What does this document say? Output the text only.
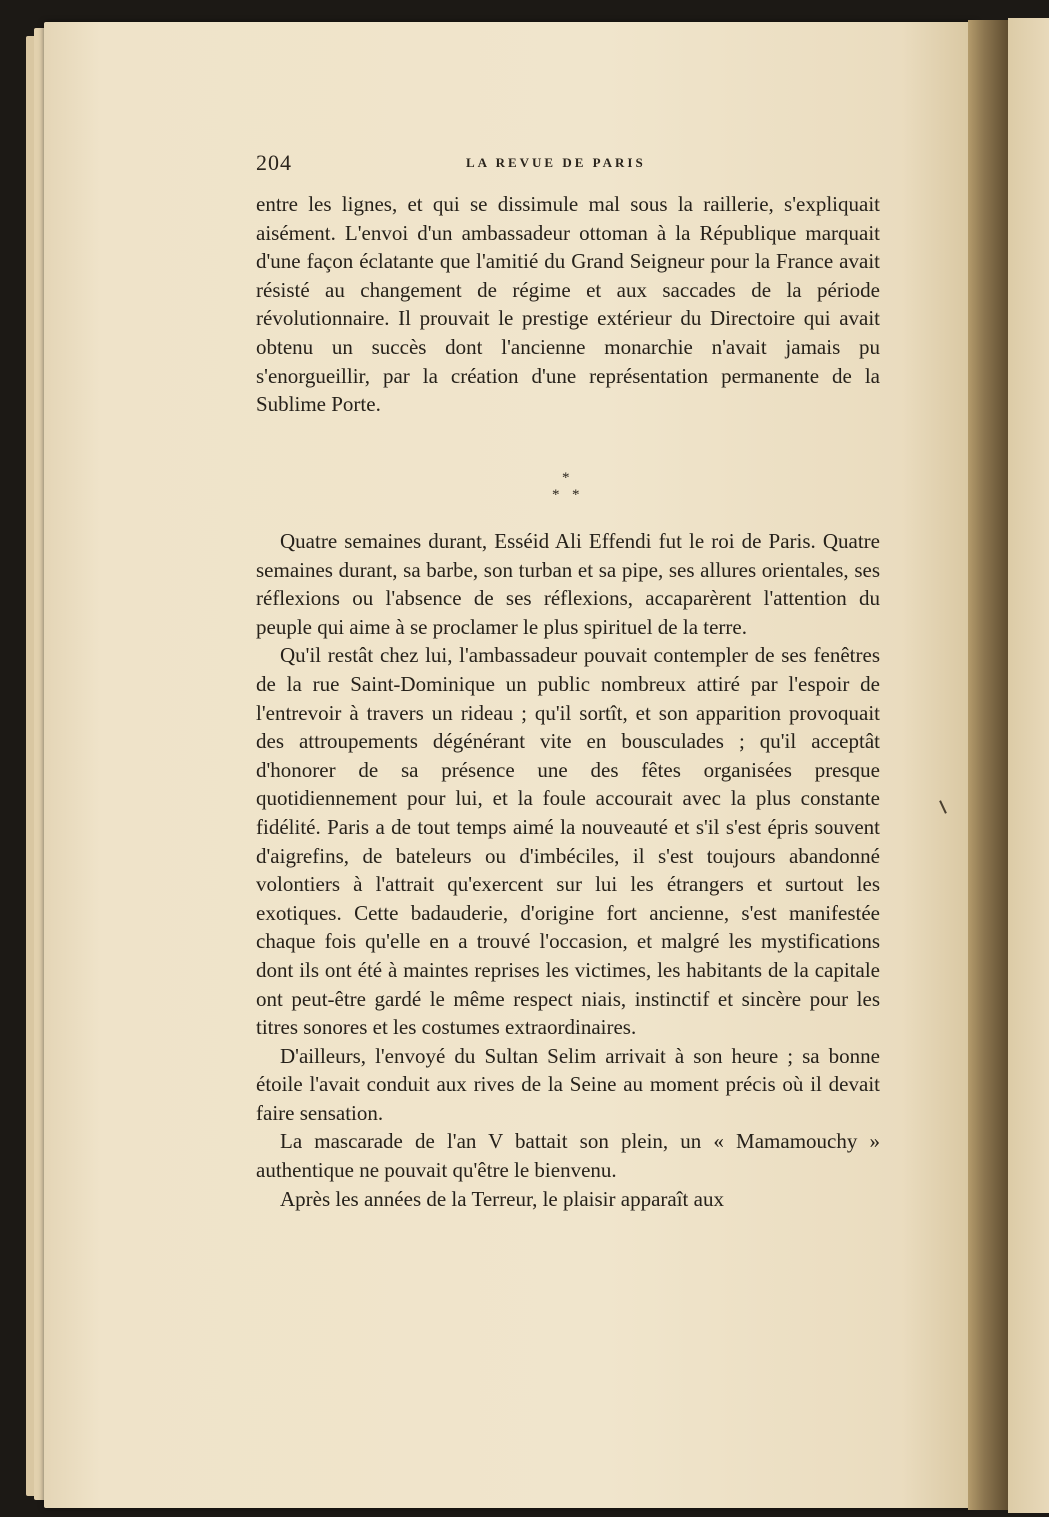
204	LA REVUE DE PARIS

entre les lignes, et qui se dissimule mal sous la raillerie, s'expliquait aisément. L'envoi d'un ambassadeur ottoman à la République marquait d'une façon éclatante que l'amitié du Grand Seigneur pour la France avait résisté au changement de régime et aux saccades de la période révolutionnaire. Il prouvait le prestige extérieur du Directoire qui avait obtenu un succès dont l'ancienne monarchie n'avait jamais pu s'enorgueillir, par la création d'une représentation permanente de la Sublime Porte.

*
* *

Quatre semaines durant, Esséid Ali Effendi fut le roi de Paris. Quatre semaines durant, sa barbe, son turban et sa pipe, ses allures orientales, ses réflexions ou l'absence de ses réflexions, accaparèrent l'attention du peuple qui aime à se proclamer le plus spirituel de la terre.

Qu'il restât chez lui, l'ambassadeur pouvait contempler de ses fenêtres de la rue Saint-Dominique un public nombreux attiré par l'espoir de l'entrevoir à travers un rideau ; qu'il sortît, et son apparition provoquait des attroupements dégénérant vite en bousculades ; qu'il acceptât d'honorer de sa présence une des fêtes organisées presque quotidiennement pour lui, et la foule accourait avec la plus constante fidélité. Paris a de tout temps aimé la nouveauté et s'il s'est épris souvent d'aigrefins, de bateleurs ou d'imbéciles, il s'est toujours abandonné volontiers à l'attrait qu'exercent sur lui les étrangers et surtout les exotiques. Cette badauderie, d'origine fort ancienne, s'est manifestée chaque fois qu'elle en a trouvé l'occasion, et malgré les mystifications dont ils ont été à maintes reprises les victimes, les habitants de la capitale ont peut-être gardé le même respect niais, instinctif et sincère pour les titres sonores et les costumes extraordinaires.

D'ailleurs, l'envoyé du Sultan Selim arrivait à son heure ; sa bonne étoile l'avait conduit aux rives de la Seine au moment précis où il devait faire sensation.

La mascarade de l'an V battait son plein, un « Mamamouchy » authentique ne pouvait qu'être le bienvenu.

Après les années de la Terreur, le plaisir apparaît aux
